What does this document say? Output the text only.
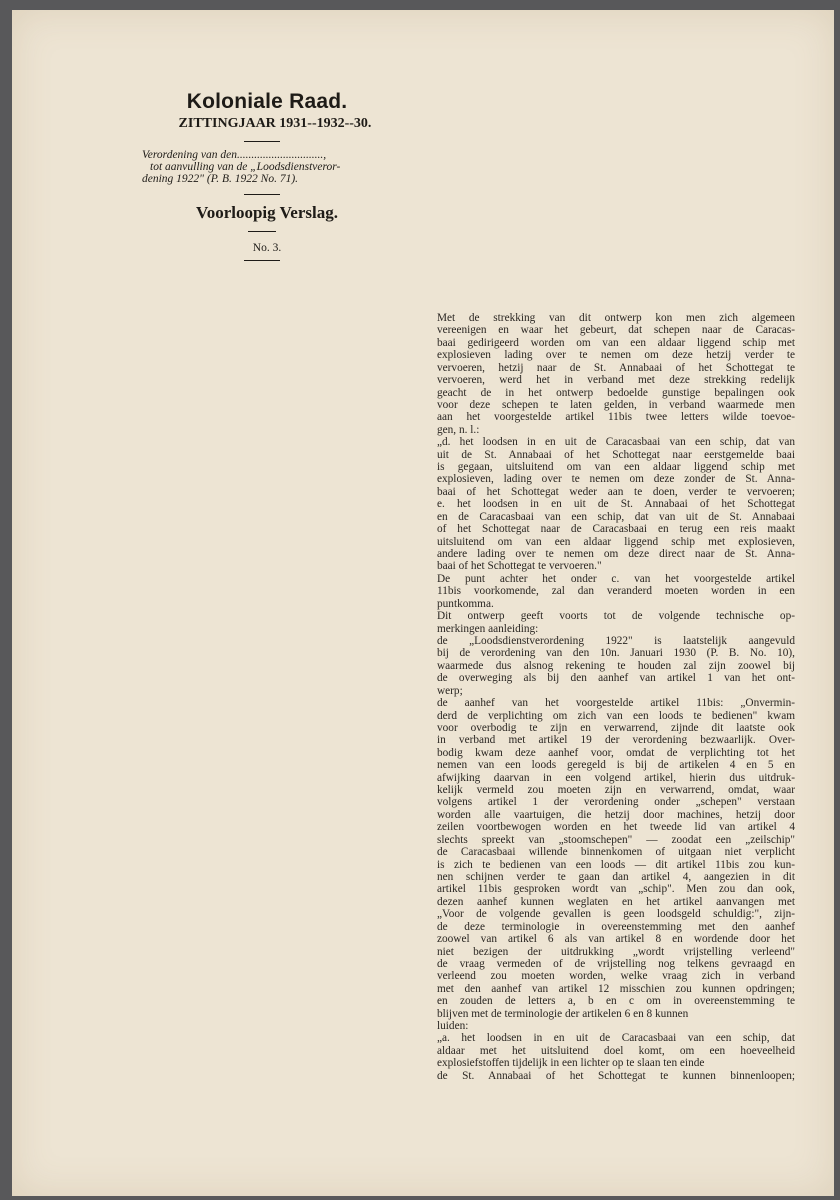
Koloniale Raad.
ZITTINGJAAR 1931--1932--30.
Verordening van den..............................,
tot aanvulling van de „Loodsdienstveror-
dening 1922" (P. B. 1922 No. 71).
Voorloopig Verslag.
No. 3.
Met de strekking van dit ontwerp kon men zich algemeen
vereenigen en waar het gebeurt, dat schepen naar de Caracas-
baai gedirigeerd worden om van een aldaar liggend schip met
explosieven lading over te nemen om deze hetzij verder te
vervoeren, hetzij naar de St. Annabaai of het Schottegat te
vervoeren, werd het in verband met deze strekking redelijk
geacht de in het ontwerp bedoelde gunstige bepalingen ook
voor deze schepen te laten gelden, in verband waarmede men
aan het voorgestelde artikel 11bis twee letters wilde toevoe-
gen, n. l.:
„d. het loodsen in en uit de Caracasbaai van een schip, dat van
uit de St. Annabaai of het Schottegat naar eerstgemelde baai
is gegaan, uitsluitend om van een aldaar liggend schip met
explosieven, lading over te nemen om deze zonder de St. Anna-
baai of het Schottegat weder aan te doen, verder te vervoeren;
e. het loodsen in en uit de St. Annabaai of het Schottegat
en de Caracasbaai van een schip, dat van uit de St. Annabaai
of het Schottegat naar de Caracasbaai en terug een reis maakt
uitsluitend om van een aldaar liggend schip met explosieven,
andere lading over te nemen om deze direct naar de St. Anna-
baai of het Schottegat te vervoeren."
De punt achter het onder c. van het voorgestelde artikel
11bis voorkomende, zal dan veranderd moeten worden in een
puntkomma.
Dit ontwerp geeft voorts tot de volgende technische op-
merkingen aanleiding:
de „Loodsdienstverordening 1922" is laatstelijk aangevuld
bij de verordening van den 10n. Januari 1930 (P. B. No. 10),
waarmede dus alsnog rekening te houden zal zijn zoowel bij
de overweging als bij den aanhef van artikel 1 van het ont-
werp;
de aanhef van het voorgestelde artikel 11bis: „Onvermin-
derd de verplichting om zich van een loods te bedienen" kwam
voor overbodig te zijn en verwarrend, zijnde dit laatste ook
in verband met artikel 19 der verordening bezwaarlijk. Over-
bodig kwam deze aanhef voor, omdat de verplichting tot het
nemen van een loods geregeld is bij de artikelen 4 en 5 en
afwijking daarvan in een volgend artikel, hierin dus uitdruk-
kelijk vermeld zou moeten zijn en verwarrend, omdat, waar
volgens artikel 1 der verordening onder „schepen" verstaan
worden alle vaartuigen, die hetzij door machines, hetzij door
zeilen voortbewogen worden en het tweede lid van artikel 4
slechts spreekt van „stoomschepen" — zoodat een „zeilschip"
de Caracasbaai willende binnenkomen of uitgaan niet verplicht
is zich te bedienen van een loods — dit artikel 11bis zou kun-
nen schijnen verder te gaan dan artikel 4, aangezien in dit
artikel 11bis gesproken wordt van „schip". Men zou dan ook,
dezen aanhef kunnen weglaten en het artikel aanvangen met
„Voor de volgende gevallen is geen loodsgeld schuldig:", zijn-
de deze terminologie in overeenstemming met den aanhef
zoowel van artikel 6 als van artikel 8 en wordende door het
niet bezigen der uitdrukking „wordt vrijstelling verleend"
de vraag vermeden of de vrijstelling nog telkens gevraagd en
verleend zou moeten worden, welke vraag zich in verband
met den aanhef van artikel 12 misschien zou kunnen opdringen;
en zouden de letters a, b en c om in overeenstemming te
blijven met de terminologie der artikelen 6 en 8 kunnen
luiden:
„a. het loodsen in en uit de Caracasbaai van een schip, dat
aldaar met het uitsluitend doel komt, om een hoeveelheid
explosiefstoffen tijdelijk in een lichter op te slaan ten einde
de St. Annabaai of het Schottegat te kunnen binnenloopen;
